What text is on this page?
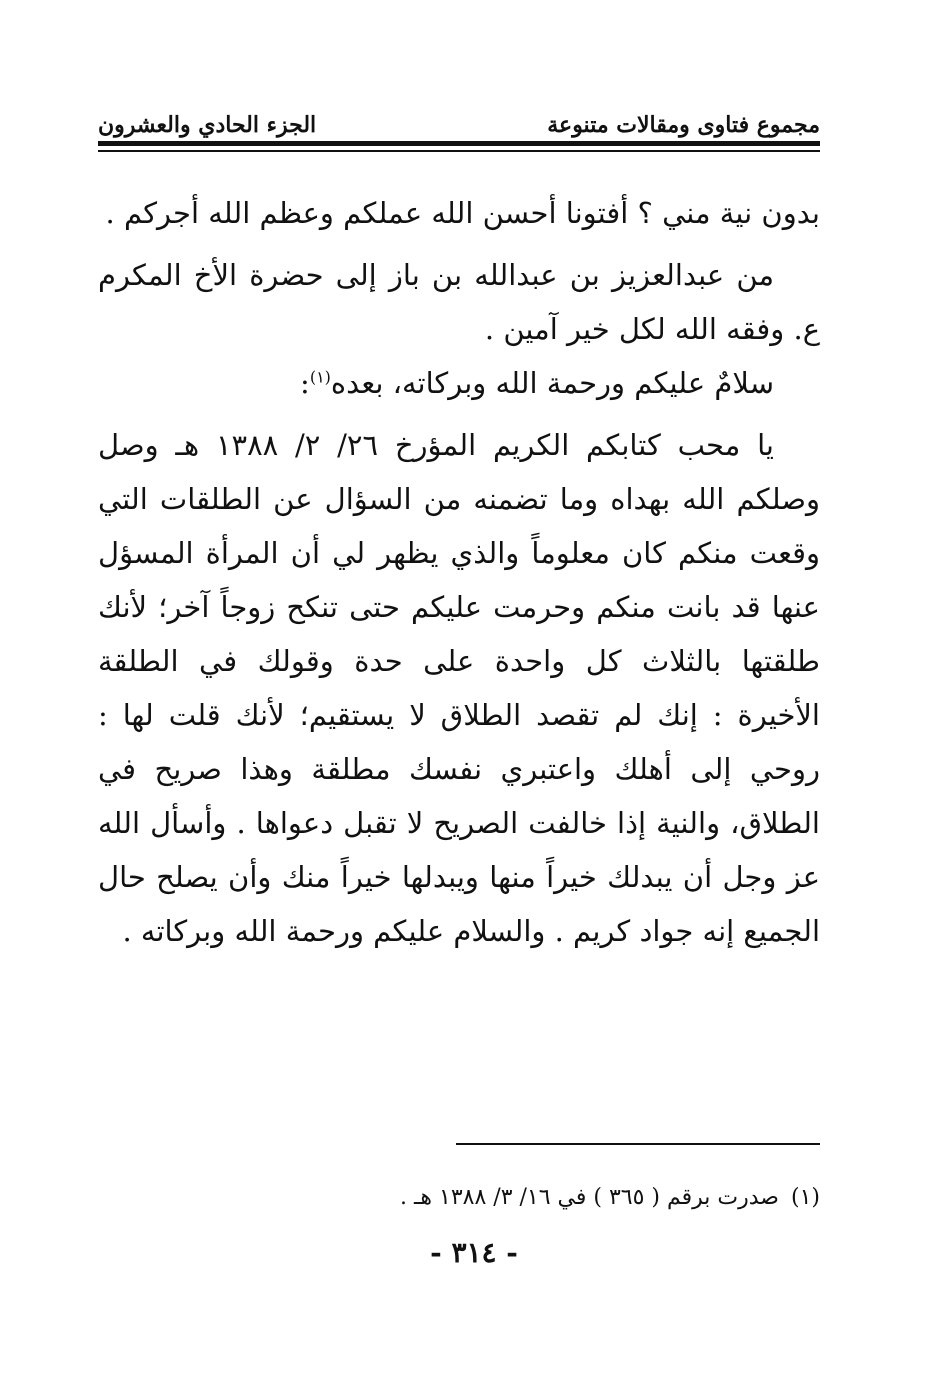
مجموع فتاوى ومقالات متنوعة
الجزء الحادي والعشرون

بدون نية مني ؟ أفتونا أحسن الله عملكم وعظم الله أجركم .

من عبدالعزيز بن عبدالله بن باز إلى حضرة الأخ المكرم ع. وفقه الله لكل خير آمين .

سلامٌ عليكم ورحمة الله وبركاته، بعده$^{(١)}$:

يا محب كتابكم الكريم المؤرخ ٢٦/ ٢/ ١٣٨٨ هـ وصل وصلكم الله بهداه وما تضمنه من السؤال عن الطلقات التي وقعت منكم كان معلوماً والذي يظهر لي أن المرأة المسؤل عنها قد بانت منكم وحرمت عليكم حتى تنكح زوجاً آخر؛ لأنك طلقتها بالثلاث كل واحدة على حدة وقولك في الطلقة الأخيرة : إنك لم تقصد الطلاق لا يستقيم؛ لأنك قلت لها : روحي إلى أهلك واعتبري نفسك مطلقة وهذا صريح في الطلاق، والنية إذا خالفت الصريح لا تقبل دعواها . وأسأل الله عز وجل أن يبدلك خيراً منها ويبدلها خيراً منك وأن يصلح حال الجميع إنه جواد كريم . والسلام عليكم ورحمة الله وبركاته .

(١)صدرت برقم ( ٣٦٥ ) في ١٦/ ٣/ ١٣٨٨ هـ .
- ٣١٤ -
